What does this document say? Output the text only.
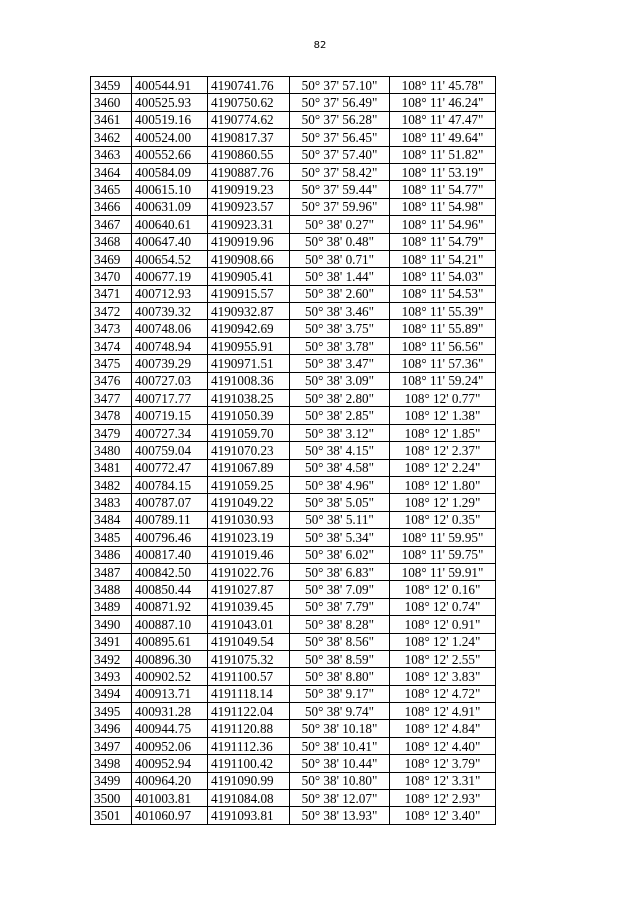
82
3459	400544.91	4190741.76	50° 37' 57.10"	108° 11' 45.78"
3460	400525.93	4190750.62	50° 37' 56.49"	108° 11' 46.24"
3461	400519.16	4190774.62	50° 37' 56.28"	108° 11' 47.47"
3462	400524.00	4190817.37	50° 37' 56.45"	108° 11' 49.64"
3463	400552.66	4190860.55	50° 37' 57.40"	108° 11' 51.82"
3464	400584.09	4190887.76	50° 37' 58.42"	108° 11' 53.19"
3465	400615.10	4190919.23	50° 37' 59.44"	108° 11' 54.77"
3466	400631.09	4190923.57	50° 37' 59.96"	108° 11' 54.98"
3467	400640.61	4190923.31	50° 38' 0.27"	108° 11' 54.96"
3468	400647.40	4190919.96	50° 38' 0.48"	108° 11' 54.79"
3469	400654.52	4190908.66	50° 38' 0.71"	108° 11' 54.21"
3470	400677.19	4190905.41	50° 38' 1.44"	108° 11' 54.03"
3471	400712.93	4190915.57	50° 38' 2.60"	108° 11' 54.53"
3472	400739.32	4190932.87	50° 38' 3.46"	108° 11' 55.39"
3473	400748.06	4190942.69	50° 38' 3.75"	108° 11' 55.89"
3474	400748.94	4190955.91	50° 38' 3.78"	108° 11' 56.56"
3475	400739.29	4190971.51	50° 38' 3.47"	108° 11' 57.36"
3476	400727.03	4191008.36	50° 38' 3.09"	108° 11' 59.24"
3477	400717.77	4191038.25	50° 38' 2.80"	108° 12' 0.77"
3478	400719.15	4191050.39	50° 38' 2.85"	108° 12' 1.38"
3479	400727.34	4191059.70	50° 38' 3.12"	108° 12' 1.85"
3480	400759.04	4191070.23	50° 38' 4.15"	108° 12' 2.37"
3481	400772.47	4191067.89	50° 38' 4.58"	108° 12' 2.24"
3482	400784.15	4191059.25	50° 38' 4.96"	108° 12' 1.80"
3483	400787.07	4191049.22	50° 38' 5.05"	108° 12' 1.29"
3484	400789.11	4191030.93	50° 38' 5.11"	108° 12' 0.35"
3485	400796.46	4191023.19	50° 38' 5.34"	108° 11' 59.95"
3486	400817.40	4191019.46	50° 38' 6.02"	108° 11' 59.75"
3487	400842.50	4191022.76	50° 38' 6.83"	108° 11' 59.91"
3488	400850.44	4191027.87	50° 38' 7.09"	108° 12' 0.16"
3489	400871.92	4191039.45	50° 38' 7.79"	108° 12' 0.74"
3490	400887.10	4191043.01	50° 38' 8.28"	108° 12' 0.91"
3491	400895.61	4191049.54	50° 38' 8.56"	108° 12' 1.24"
3492	400896.30	4191075.32	50° 38' 8.59"	108° 12' 2.55"
3493	400902.52	4191100.57	50° 38' 8.80"	108° 12' 3.83"
3494	400913.71	4191118.14	50° 38' 9.17"	108° 12' 4.72"
3495	400931.28	4191122.04	50° 38' 9.74"	108° 12' 4.91"
3496	400944.75	4191120.88	50° 38' 10.18"	108° 12' 4.84"
3497	400952.06	4191112.36	50° 38' 10.41"	108° 12' 4.40"
3498	400952.94	4191100.42	50° 38' 10.44"	108° 12' 3.79"
3499	400964.20	4191090.99	50° 38' 10.80"	108° 12' 3.31"
3500	401003.81	4191084.08	50° 38' 12.07"	108° 12' 2.93"
3501	401060.97	4191093.81	50° 38' 13.93"	108° 12' 3.40"
